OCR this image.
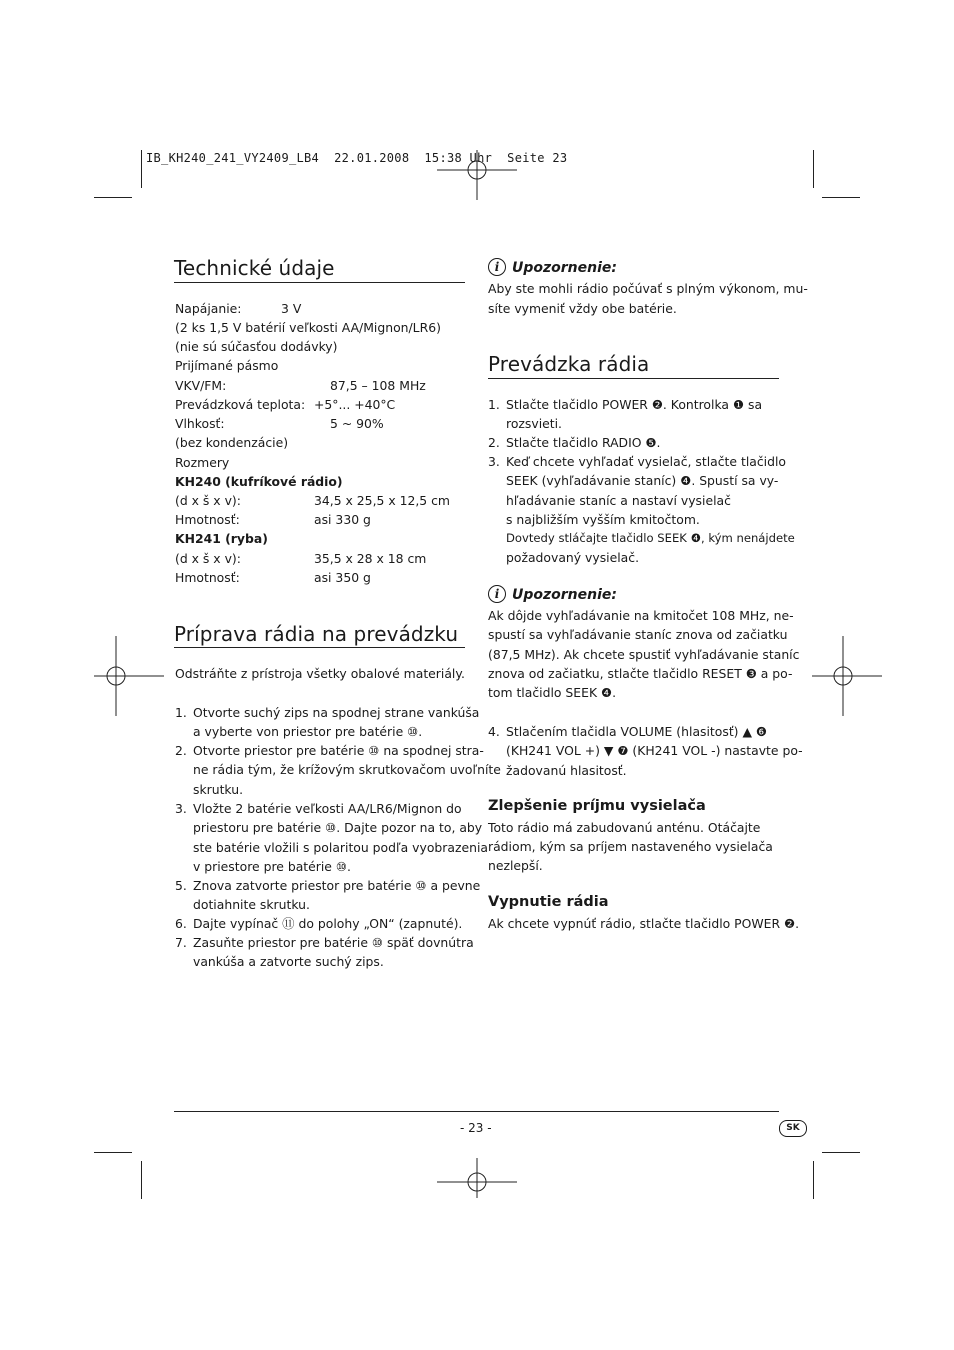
IB_KH240_241_VY2409_LB4  22.01.2008  15:38 Uhr  Seite 23
Technické údaje
Napájanie:	3 V
(2 ks 1,5 V batérií veľkosti AA/Mignon/LR6)
(nie sú súčasťou dodávky)
Prijímané pásmo
VKV/FM:	87,5 – 108 MHz
Prevádzková teplota: +5°... +40°C
Vlhkosť:	5 ~ 90%
(bez kondenzácie)
Rozmery
KH240 (kufríkové rádio)
(d x š x v):	34,5 x 25,5 x 12,5 cm
Hmotnosť:	asi 330 g
KH241 (ryba)
(d x š x v):	35,5 x 28 x 18 cm
Hmotnosť:	asi 350 g
Príprava rádia na prevádzku
Odstráňte z prístroja všetky obalové materiály.
1. Otvorte suchý zips na spodnej strane vankúša
a vyberte von priestor pre batérie ⑩.
2. Otvorte priestor pre batérie ⑩ na spodnej stra-
ne rádia tým, že krížovým skrutkovačom uvoľníte
skrutku.
3. Vložte 2 batérie veľkosti AA/LR6/Mignon do
priestoru pre batérie ⑩. Dajte pozor na to, aby
ste batérie vložili s polaritou podľa vyobrazenia
v priestore pre batérie ⑩.
5. Znova zatvorte priestor pre batérie ⑩ a pevne
dotiahnite skrutku.
6. Dajte vypínač ⑪ do polohy „ON“ (zapnuté).
7. Zasuňte priestor pre batérie ⑩ späť dovnútra
vankúša a zatvorte suchý zips.
i Upozornenie:
Aby ste mohli rádio počúvať s plným výkonom, mu-
síte vymeniť vždy obe batérie.
Prevádzka rádia
1. Stlačte tlačidlo POWER ❷. Kontrolka ❶ sa
rozsvieti.
2. Stlačte tlačidlo RADIO ❺.
3. Keď chcete vyhľadať vysielač, stlačte tlačidlo
SEEK (vyhľadávanie staníc) ❹. Spustí sa vy-
hľadávanie staníc a nastaví vysielač
s najbližším vyšším kmitočtom.
Dovtedy stláčajte tlačidlo SEEK ❹, kým nenájdete
požadovaný vysielač.
i Upozornenie:
Ak dôjde vyhľadávanie na kmitočet 108 MHz, ne-
spustí sa vyhľadávanie staníc znova od začiatku
(87,5 MHz). Ak chcete spustiť vyhľadávanie staníc
znova od začiatku, stlačte tlačidlo RESET ❸ a po-
tom tlačidlo SEEK ❹.
4. Stlačením tlačidla VOLUME (hlasitosť) ▲ ❻
(KH241 VOL +) ▼ ❼ (KH241 VOL -) nastavte po-
žadovanú hlasitosť.
Zlepšenie príjmu vysielača
Toto rádio má zabudovanú anténu. Otáčajte
rádiom, kým sa príjem nastaveného vysielača
nezlepší.
Vypnutie rádia
Ak chcete vypnúť rádio, stlačte tlačidlo POWER ❷.
- 23 -	SK
